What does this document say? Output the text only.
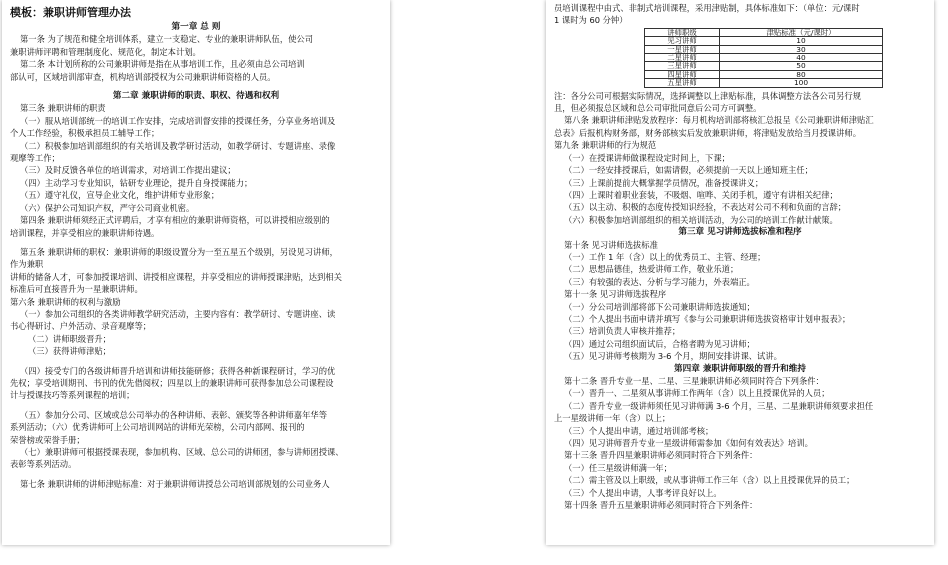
模板：兼职讲师管理办法

第一章 总 则

第一条 为了规范和健全培训体系，建立一支稳定、专业的兼职讲师队伍，使公司

兼职讲师评聘和管理制度化、规范化，制定本计划。

第二条 本计划所称的公司兼职讲师是指在从事培训工作，且必须由总公司培训

部认可，区域培训部审查，机构培训部授权为公司兼职讲师资格的人员。

第二章 兼职讲师的职责、职权、待遇和权利

第三条 兼职讲师的职责

（一）服从培训部统一的培训工作安排，完成培训督安排的授课任务，分享业务培训及

个人工作经验，积极承担员工辅导工作；

（二）积极参加培训部组织的有关培训及教学研讨活动，如教学研讨、专题讲座、录像

观摩等工作；

（三）及时反馈各单位的培训需求，对培训工作提出建议；

（四）主动学习专业知识，钻研专业理论，提升自身授课能力；

（五）遵守礼仪，宣导企业文化，维护讲师专业形象；

（六）保护公司知识产权，严守公司商业机密。

第四条 兼职讲师须经正式评聘后，才享有相应的兼职讲师资格，可以讲授相应级别的

培训课程，并享受相应的兼职讲师待遇。

第五条 兼职讲师的职权：兼职讲师的职级设置分为一至五星五个级别，另设见习讲师，

作为兼职

讲师的储备人才，可参加授课培训、讲授相应课程，并享受相应的讲师授课津贴，达到相关

标准后可直接晋升为一星兼职讲师。

第六条 兼职讲师的权利与激励

（一）参加公司组织的各类讲师教学研究活动，主要内容有：教学研讨、专题讲座、读

书心得研讨、户外活动、录音观摩等；

（二）讲师职级晋升；

（三）获得讲师津贴；

（四）接受专门的各级讲师晋升培训和讲师技能研修；获得各种新课程研讨，学习的优

先权；享受培训期刊、书刊的优先借阅权；四星以上的兼职讲师可获得参加总公司课程设

计与授课技巧等系列课程的培训；

（五）参加分公司、区域或总公司举办的各种讲师、表彰、颁奖等各种讲师嘉年华等

系列活动；（六）优秀讲师可上公司培训网站的讲师光荣榜，公司内部网、报刊的

荣誉榜或荣誉手册；

（七）兼职讲师可根据授课表现，参加机构、区域、总公司的讲师团，参与讲师团授课、

表彰等系列活动。

第七条 兼职讲师的讲师津贴标准：对于兼职讲师讲授总公司培训部规划的公司业务人

员培训课程中由式、非制式培训课程，采用津贴制，具体标准如下：（单位：元/课时

1 课时为 60 分钟）

讲师职级	津贴标准（元/课时）
见习讲师	10
一星讲师	30
二星讲师	40
三星讲师	50
四星讲师	80
五星讲师	100

注：各分公司可根据实际情况，选择调整以上津贴标准，具体调整方法各公司另行规

且，但必须报总区域和总公司审批同意后公司方可调整。

第八条 兼职讲师津贴发放程序：每月机构培训部将核汇总报呈《公司兼职讲师津贴汇

总表》后报机构财务部，财务部核实后发放兼职讲师，将津贴发放给当月授课讲师。

第九条 兼职讲师的行为规范

（一）在授课讲师做课程设定时间上，下课；

（二）一经安排授课后，如需请假，必须提前一天以上通知班主任；

（三）上课前提前大概掌握学员情况，准备授课讲义；

（四）上课时着职业套装，不吸烟、喧哗、关闭手机，遵守有讲相关纪律；

（五）以主动、积极的态度传授知识经验，不表达对公司不利和负面的言辞；

（六）积极参加培训部组织的相关培训活动，为公司的培训工作献计献策。

第三章 见习讲师选拔标准和程序

第十条 见习讲师选拔标准

（一）工作 1 年（含）以上的优秀员工、主管、经理；

（二）思想品德佳，热爱讲师工作，敬业乐道；

（三）有较强的表达、分析与学习能力，外表端正。

第十一条 见习讲师选拔程序

（一）分公司培训部将部下公司兼职讲师选拔通知；

（二）个人提出书面申请并填写《参与公司兼职讲师选拔资格审计划申报表》；

（三）培训负责人审核并推荐；

（四）通过公司组织面试后，合格者聘为见习讲师；

（五）见习讲师考核期为 3-6 个月，期间安排讲课、试讲。

第四章 兼职讲师职级的晋升和维持

第十二条 晋升专业一星、二星、三星兼职讲师必须同时符合下列条件：

（一）晋升一、二星须从事讲师工作两年（含）以上且授课优异的人员；

（二）晋升专业一级讲师须任见习讲师满 3-6 个月，三星、二星兼职讲师须要求担任

上一星级讲师一年（含）以上；

（三）个人提出申请，通过培训部考核；

（四）见习讲师晋升专业一星级讲师需参加《如何有效表达》培训。

第十三条 晋升四星兼职讲师必须同时符合下列条件：

（一）任三星级讲师满一年；

（二）需主管及以上职级，或从事讲师工作三年（含）以上且授课优异的员工；

（三）个人提出申请，人事考评良好以上。

第十四条 晋升五星兼职讲师必须同时符合下列条件：
